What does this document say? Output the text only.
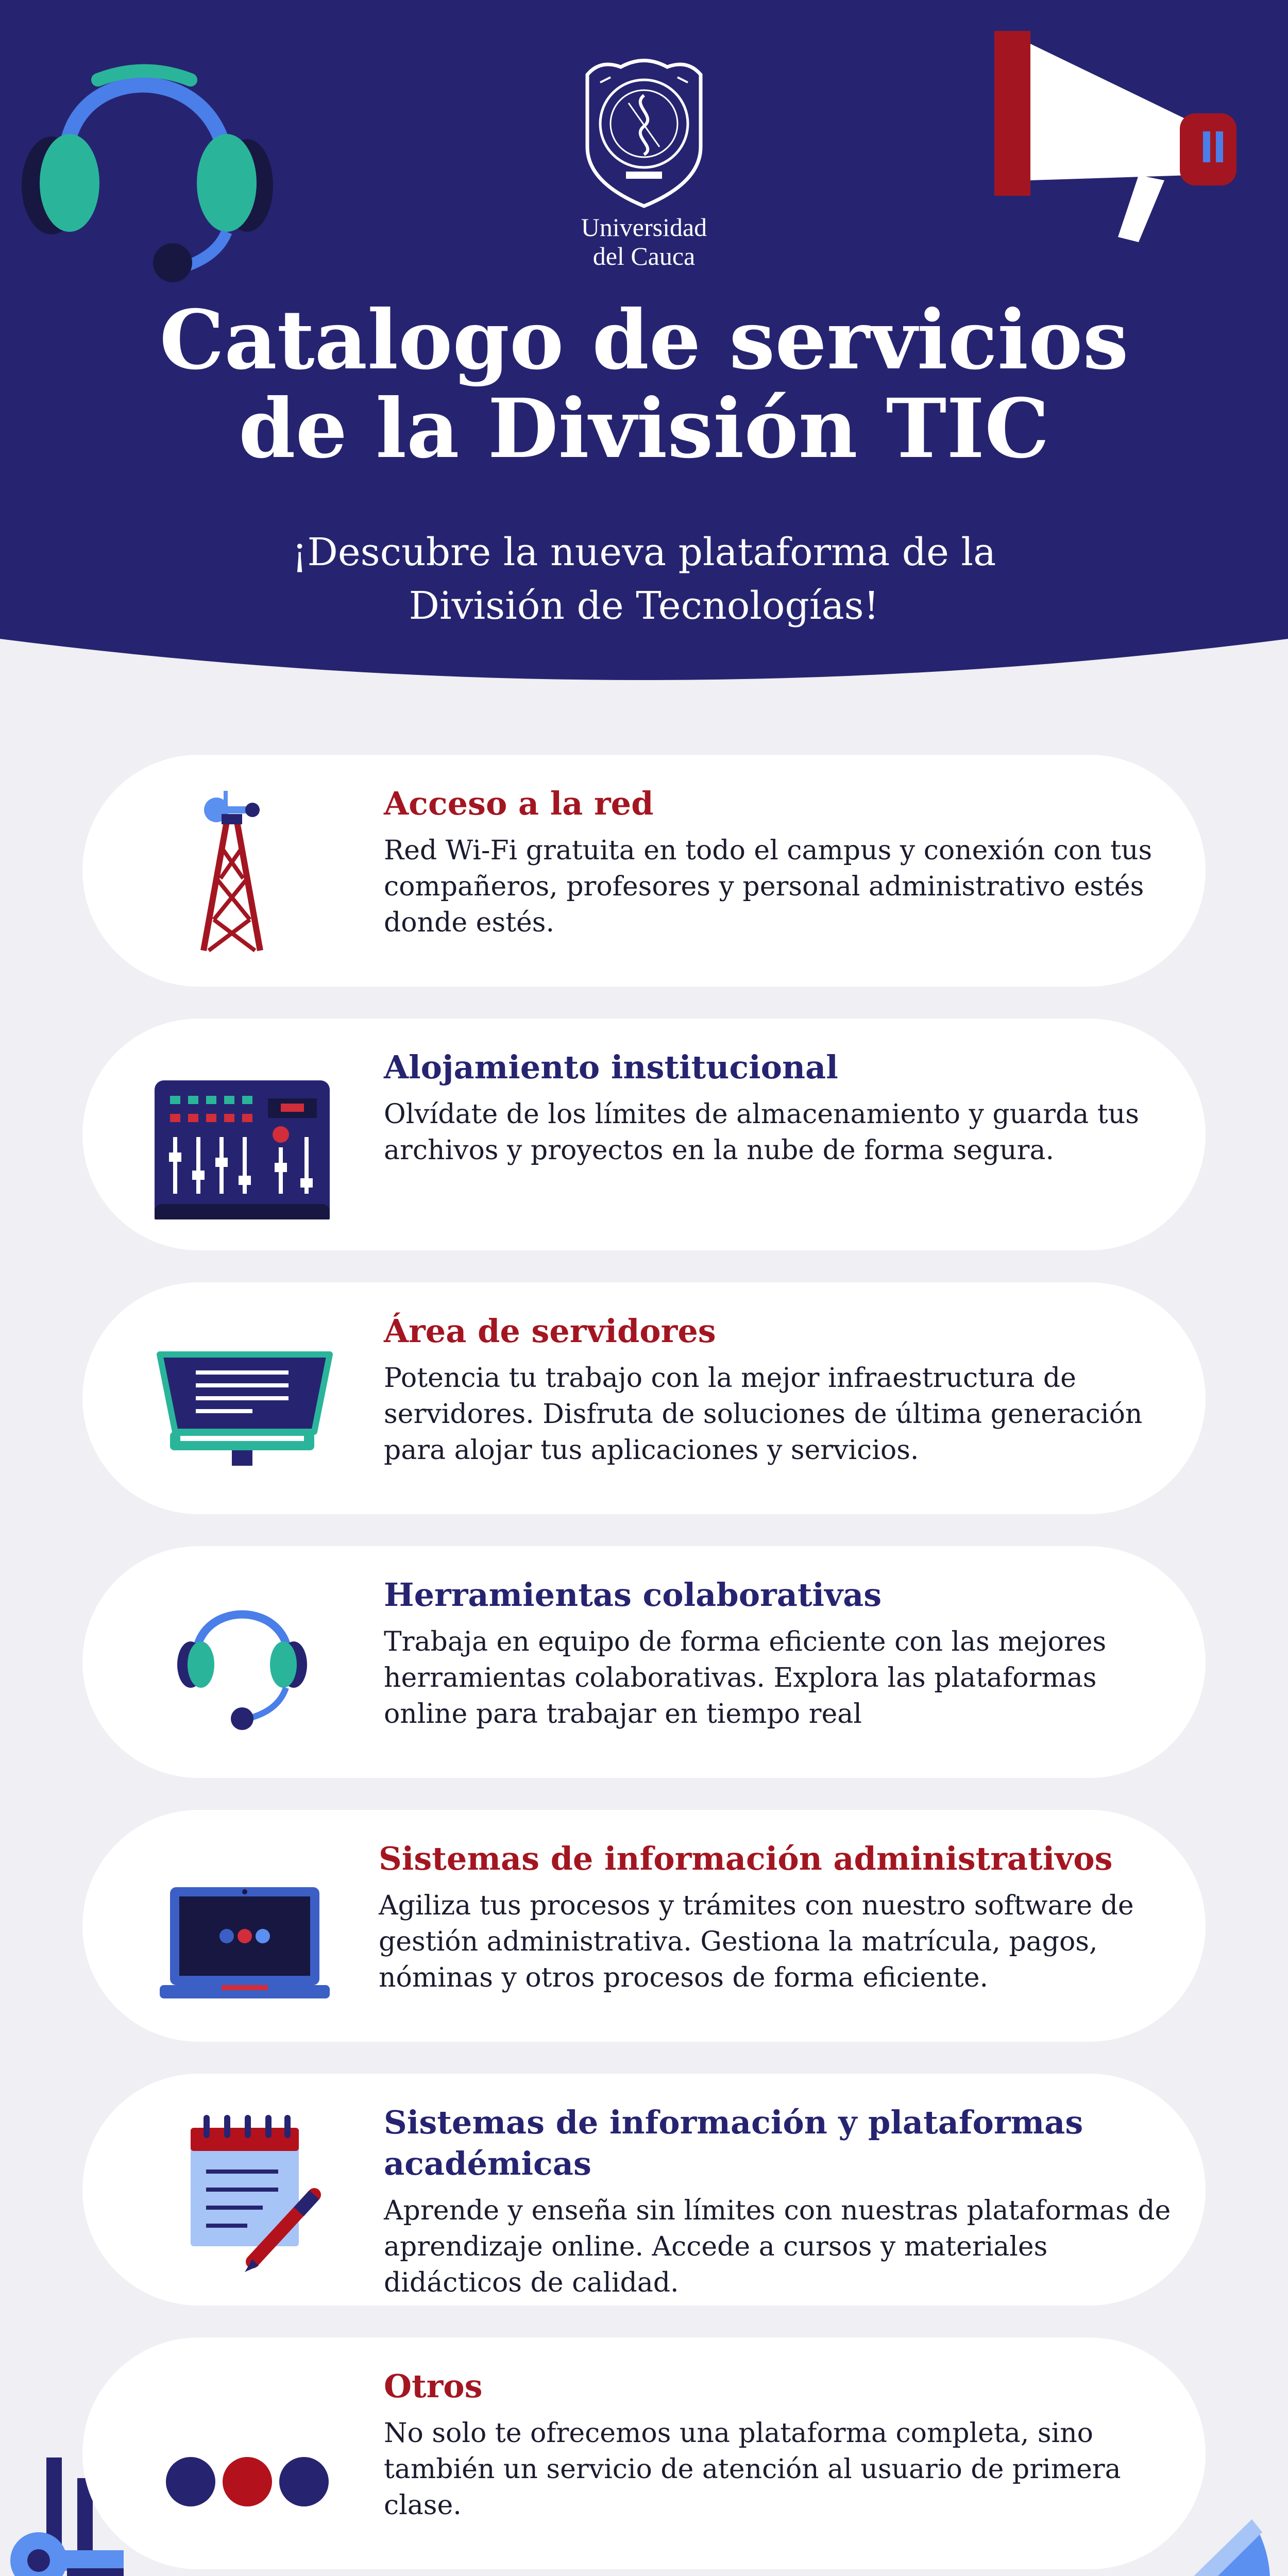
Universidad del Cauca
Catalogo de servicios
de la División TIC
¡Descubre la nueva plataforma de la
División de Tecnologías!
Acceso a la red
Red Wi-Fi gratuita en todo el campus y conexión con tus compañeros, profesores y personal administrativo estés donde estés.
Alojamiento institucional
Olvídate de los límites de almacenamiento y guarda tus archivos y proyectos en la nube de forma segura.
Área de servidores
Potencia tu trabajo con la mejor infraestructura de servidores. Disfruta de soluciones de última generación para alojar tus aplicaciones y servicios.
Herramientas colaborativas
Trabaja en equipo de forma eficiente con las mejores herramientas colaborativas. Explora las plataformas online para trabajar en tiempo real
Sistemas de información administrativos
Agiliza tus procesos y trámites con nuestro software de gestión administrativa. Gestiona la matrícula, pagos, nóminas y otros procesos de forma eficiente.
Sistemas de información y plataformas académicas
Aprende y enseña sin límites con nuestras plataformas de aprendizaje online. Accede a cursos y materiales didácticos de calidad.
Otros
No solo te ofrecemos una plataforma completa, sino también un servicio de atención al usuario de primera clase.
